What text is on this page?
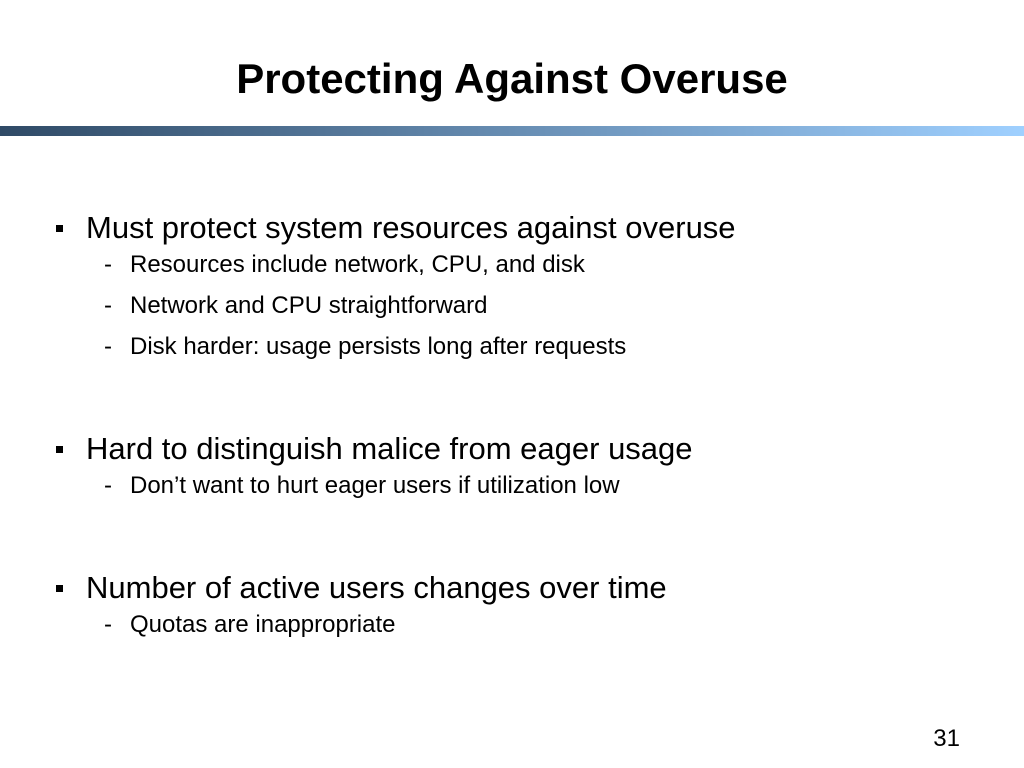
Protecting Against Overuse
Must protect system resources against overuse
- Resources include network, CPU, and disk
- Network and CPU straightforward
- Disk harder: usage persists long after requests
Hard to distinguish malice from eager usage
- Don’t want to hurt eager users if utilization low
Number of active users changes over time
- Quotas are inappropriate
31
